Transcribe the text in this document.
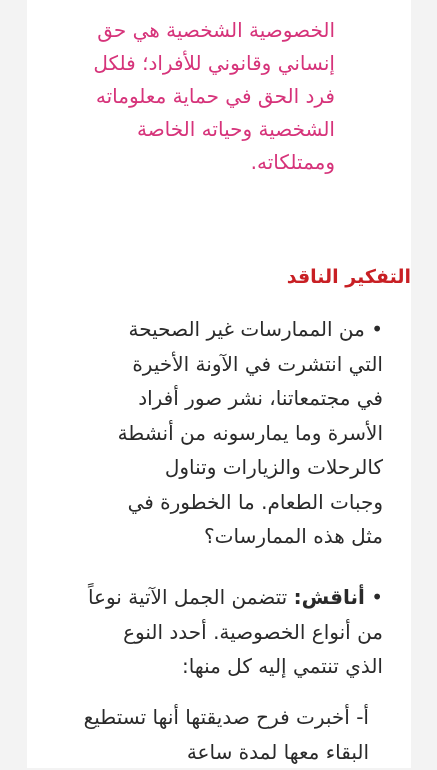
الخصوصية الشخصية هي حق إنساني وقانوني للأفراد؛ فلكل فرد الحق في حماية معلوماته الشخصية وحياته الخاصة وممتلكاته.

التفكير الناقد

• من الممارسات غير الصحيحة التي انتشرت في الآونة الأخيرة في مجتمعاتنا، نشر صور أفراد الأسرة وما يمارسونه من أنشطة كالرحلات والزيارات وتناول وجبات الطعام. ما الخطورة في مثل هذه الممارسات؟

• أناقش: تتضمن الجمل الآتية نوعاً من أنواع الخصوصية. أحدد النوع الذي تنتمي إليه كل منها:

أ- أخبرت فرح صديقتها أنها تستطيع البقاء معها لمدة ساعة
